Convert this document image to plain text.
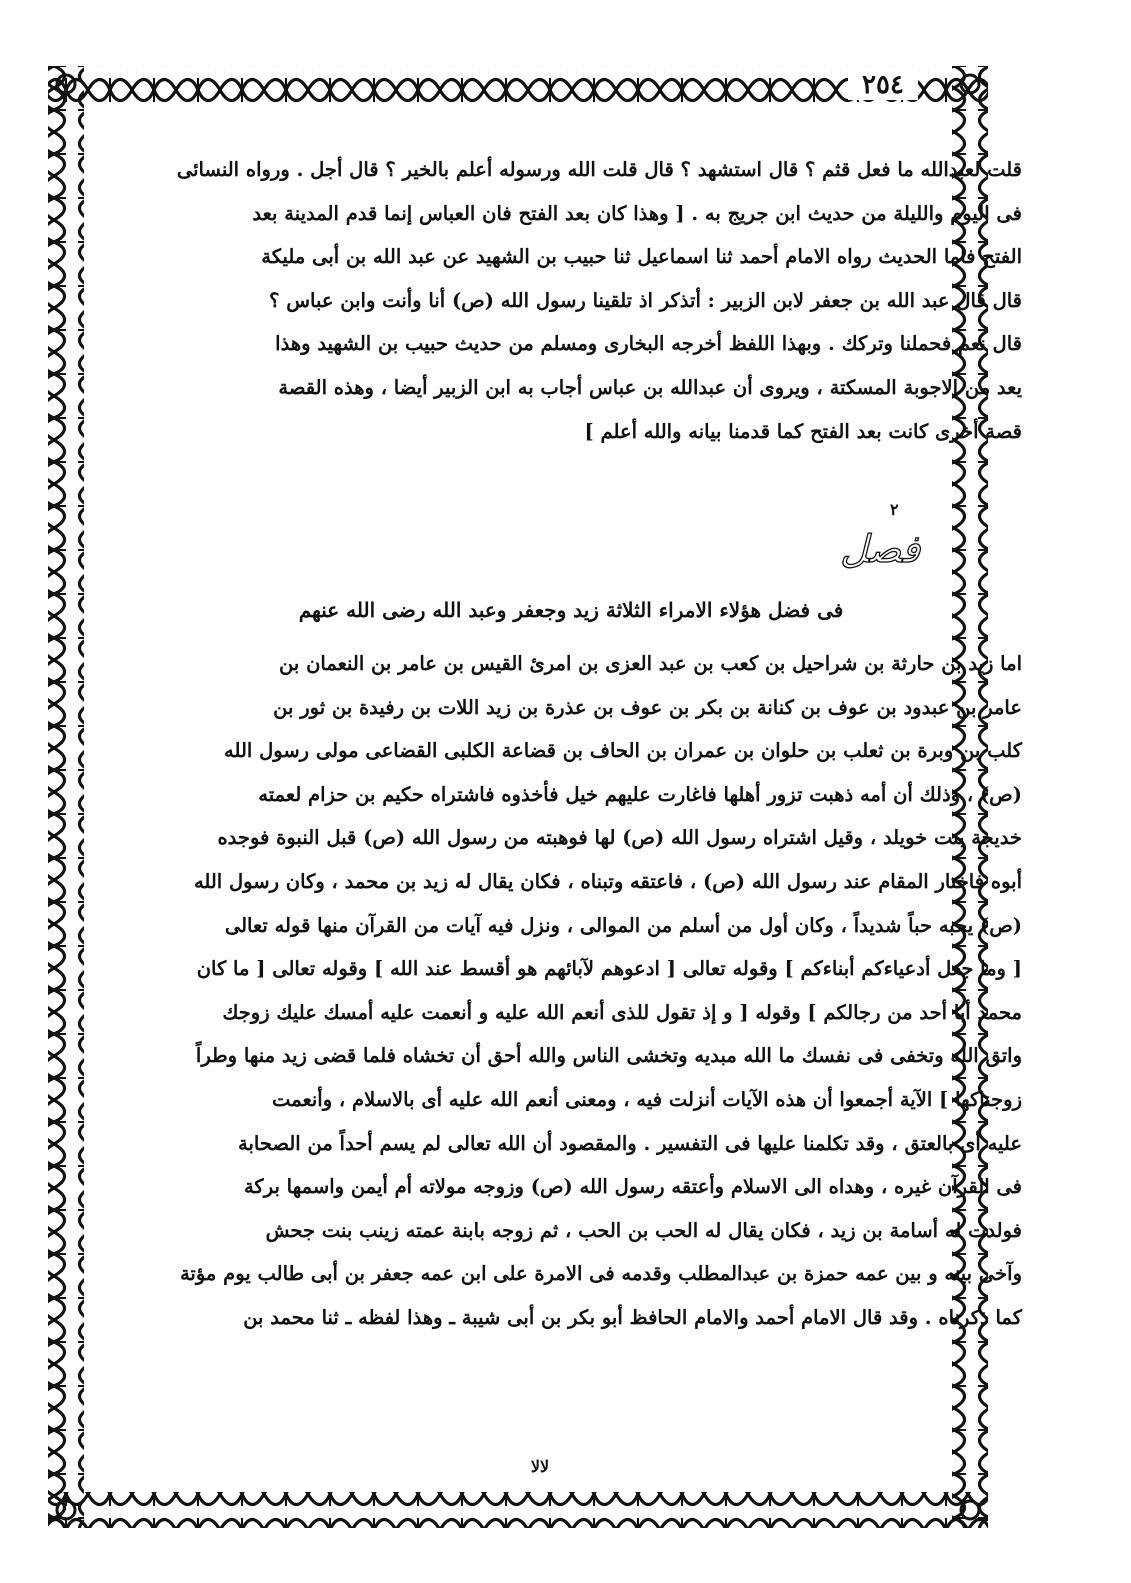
٢٥٤

قلت لعبدالله ما فعل قثم ؟ قال استشهد ؟ قال قلت الله ورسوله أعلم بالخير ؟ قال أجل . ورواه النسائى

فى اليوم والليلة من حديث ابن جريج به . [ وهذا كان بعد الفتح فان العباس إنما قدم المدينة بعد

الفتح فاما الحديث رواه الامام أحمد ثنا اسماعيل ثنا حبيب بن الشهيد عن عبد الله بن أبى مليكة

قال قال عبد الله بن جعفر لابن الزبير : أتذكر اذ تلقينا رسول الله (ص) أنا وأنت وابن عباس ؟

قال نعم فحملنا وتركك . وبهذا اللفظ أخرجه البخارى ومسلم من حديث حبيب بن الشهيد وهذا

يعد من الاجوبة المسكتة ، ويروى أن عبدالله بن عباس أجاب به ابن الزبير أيضا ، وهذه القصة

قصة أخرى كانت بعد الفتح كما قدمنا بيانه والله أعلم ]

٢
فصل
فى فضل هؤلاء الامراء الثلاثة زيد وجعفر وعبد الله رضى الله عنهم

اما زيد بن حارثة بن شراحيل بن كعب بن عبد العزى بن امرئ القيس بن عامر بن النعمان بن

عامر بن عبدود بن عوف بن كنانة بن بكر بن عوف بن عذرة بن زيد اللات بن رفيدة بن ثور بن

كلب بن وبرة بن ثعلب بن حلوان بن عمران بن الحاف بن قضاعة الكلبى القضاعى مولى رسول الله

(ص) ، وذلك أن أمه ذهبت تزور أهلها فاغارت عليهم خيل فأخذوه فاشتراه حكيم بن حزام لعمته

خديجة بنت خويلد ، وقيل اشتراه رسول الله (ص) لها فوهبته من رسول الله (ص) قبل النبوة فوجده

أبوه فاختار المقام عند رسول الله (ص) ، فاعتقه وتبناه ، فكان يقال له زيد بن محمد ، وكان رسول الله

(ص) يحبه حباً شديداً ، وكان أول من أسلم من الموالى ، ونزل فيه آيات من القرآن منها قوله تعالى

[ وما جعل أدعياءكم أبناءكم ] وقوله تعالى [ ادعوهم لآبائهم هو أقسط عند الله ] وقوله تعالى [ ما كان

محمد أبا أحد من رجالكم ] وقوله [ و إذ تقول للذى أنعم الله عليه و أنعمت عليه أمسك عليك زوجك

واتق الله وتخفى فى نفسك ما الله مبديه وتخشى الناس والله أحق أن تخشاه فلما قضى زيد منها وطراً

زوجناكها ] الآية أجمعوا أن هذه الآيات أنزلت فيه ، ومعنى أنعم الله عليه أى بالاسلام ، وأنعمت

عليه أى بالعتق ، وقد تكلمنا عليها فى التفسير . والمقصود أن الله تعالى لم يسم أحداً من الصحابة

فى القرآن غيره ، وهداه الى الاسلام وأعتقه رسول الله (ص) وزوجه مولاته أم أيمن واسمها بركة

فولدت له أسامة بن زيد ، فكان يقال له الحب بن الحب ، ثم زوجه بابنة عمته زينب بنت جحش

وآخى بينه و بين عمه حمزة بن عبدالمطلب وقدمه فى الامرة على ابن عمه جعفر بن أبى طالب يوم مؤتة

كما ذكرناه . وقد قال الامام أحمد والامام الحافظ أبو بكر بن أبى شيبة ـ وهذا لفظه ـ ثنا محمد بن

لالا
